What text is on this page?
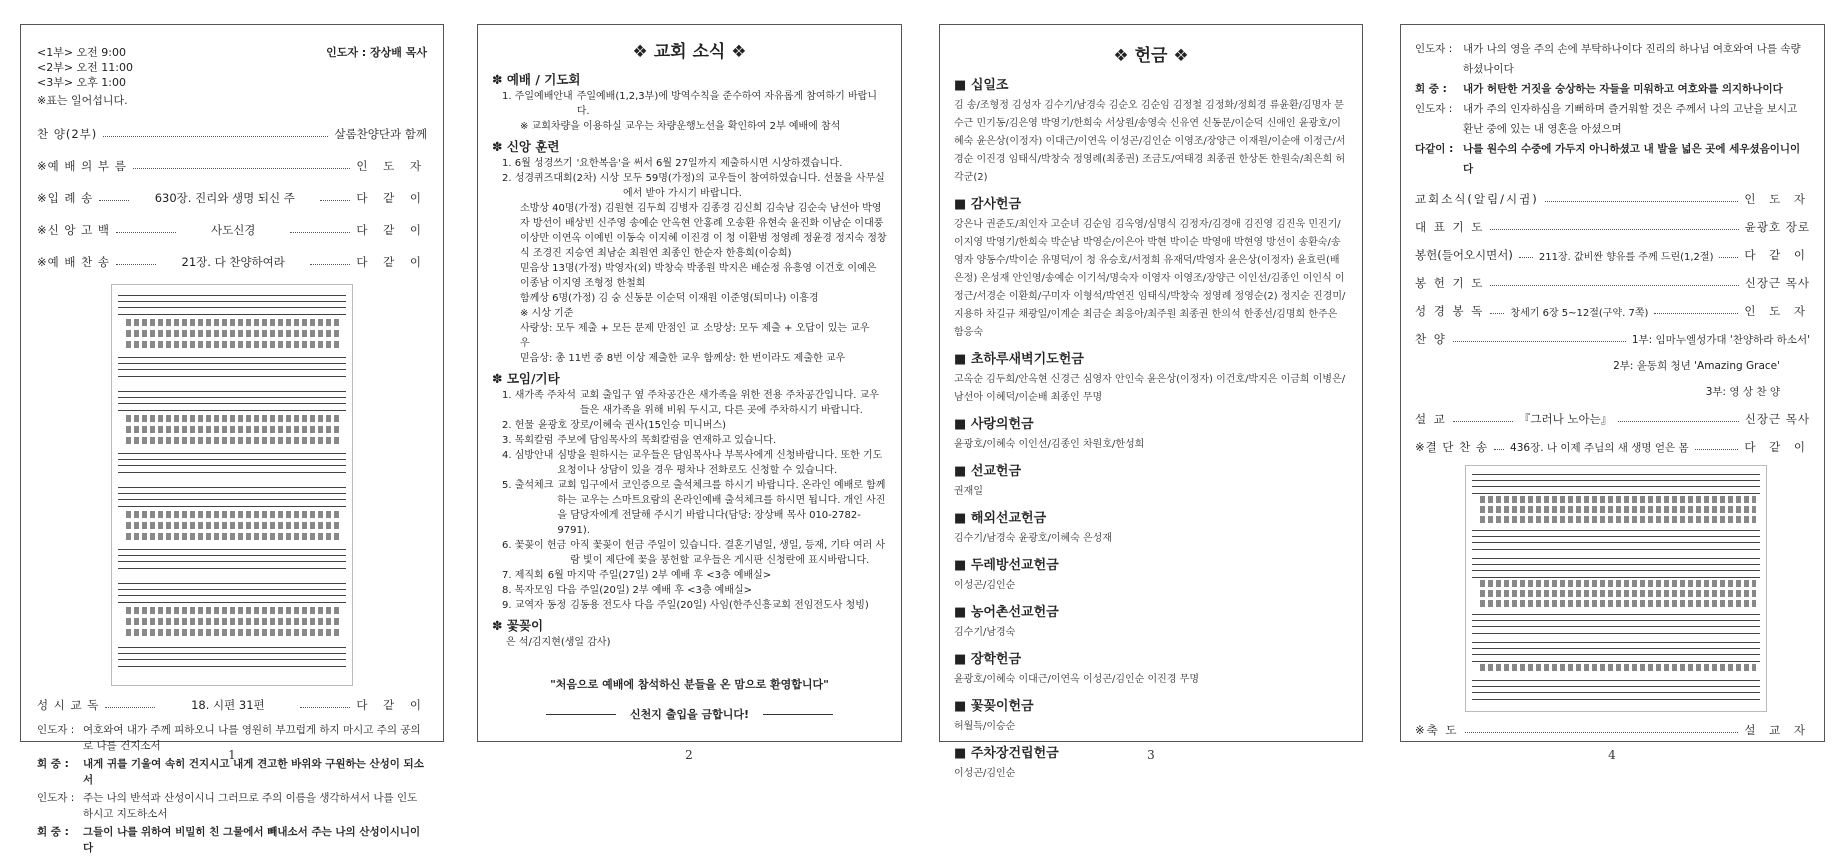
<1부> 오전 9:00	인도자 : 장상배 목사
<2부> 오전 11:00
<3부> 오후 1:00
※표는 일어섭니다.
찬 양(2부)	살롬찬양단과 함께
※예 배 의 부 름	인 도 자
※입 례 송	630장. 진리와 생명 되신 주	다 같 이
※신 앙 고 백	사도신경	다 같 이
※예 배 찬 송	21장. 다 찬양하여라	다 같 이
성 시 교 독	18. 시편 31편	다 같 이
인도자 : 여호와여 내가 주께 피하오니 나를 영원히 부끄럽게 하지 마시고 주의 공의로 나를 건지소서
회 중 :	내게 귀를 기울여 속히 건지시고 내게 견고한 바위와 구원하는 산성이 되소서
인도자 : 주는 나의 반석과 산성이시니 그러므로 주의 이름을 생각하셔서 나를 인도하시고 지도하소서
회 중 :	그들이 나를 위하여 비밀히 친 그물에서 빼내소서 주는 나의 산성이시니이다
1
❖ 교회 소식 ❖
✽ 예배 / 기도회
1. 주일예배안내 주일예배(1,2,3부)에 방역수칙을 준수하여 자유롭게 참여하기 바랍니다.
※ 교회차량을 이용하실 교우는 차량운행노선을 확인하여 2부 예배에 참석
✽ 신앙 훈련
1. 6월 성경쓰기 '요한복음'을 써서 6월 27일까지 제출하시면 시상하겠습니다.
2. 성경퀴즈대회(2차) 시상 모두 59명(가정)의 교우들이 참여하였습니다. 선물을 사무실에서 받아 가시기 바랍니다.
소방상 40명(가정) 김원현 김두희 김병자 김종경 김신희 김숙남 김순숙 남선아 박영자 방선이 배상빈 신주영 송예순 안옥현 안홍례 오송환 유현숙 윤진화 이남순 이대풍 이상만 이연옥 이예빈 이동숙 이지혜 이진경 이 청 이환범 정영례 정윤경 정지숙 정창식 조경진 지승연 최남순 최원연 최종인 한순자 한흥희(이승희)
믿음상 13명(가정) 박영자(외) 박창숙 박종원 박지은 배순정 유흥영 이건호 이예은 이종남 이지영 조형정 한철희
함께상 6명(가정) 김 숭 신동문 이순덕 이재원 이준영(퇴미나) 이흥경
※ 시상 기준
사랑상: 모두 제출 + 모든 문제 만점인 교우
소망상: 모두 제출 + 오답이 있는 교우
믿음상: 총 11번 중 8번 이상 제출한 교우 함께상: 한 번이라도 제출한 교우
✽ 모임/기타
1. 새가족 주차석 교회 출입구 옆 주차공간은 새가족을 위한 전용 주차공간입니다. 교우들은 새가족을 위해 비워 두시고, 다른 곳에 주차하시기 바랍니다.
2. 헌물 윤광호 장로/이혜숙 권사(15인승 미니버스)
3. 목회칼럼 주보에 담임목사의 목회칼럼을 연재하고 있습니다.
4. 심방안내 심방을 원하시는 교우들은 담임목사나 부목사에게 신청바랍니다. 또한 기도 요청이나 상담이 있을 경우 평차나 전화로도 신청할 수 있습니다.
5. 출석체크 교회 입구에서 코인증으로 출석체크를 하시기 바랍니다. 온라인 예배로 함께 하는 교우는 스마트요람의 온라인예배 출석체크를 하시면 됩니다. 개인 사진을 담당자에게 전달해 주시기 바랍니다(담당: 장상배 목사 010-2782-9791).
6. 꽃꽂이 헌금 아직 꽃꽂이 헌금 주일이 있습니다. 결혼기념일, 생일, 등재, 기타 여러 사람 빛이 제단에 꽃을 봉헌할 교우들은 게시판 신청란에 표시바랍니다.
7. 제직회 6월 마지막 주일(27일) 2부 예배 후 <3층 예배실>
8. 목자모임 다음 주일(20일) 2부 예배 후 <3층 예배실>
9. 교역자 동정 김동용 전도사 다음 주일(20일) 사임(한주신흥교회 전임전도사 청빙)
✽ 꽃꽂이
은 석/김지현(생일 감사)
"처음으로 예배에 참석하신 분들을 온 맘으로 환영합니다"
신천지 출입을 금합니다!
2
❖ 헌금 ❖
■ 십일조
김 송/조형정 김성자 김수기/남경숙 김순오 김순임 김정철 김정화/정희경 류윤환/김명자 문수근 민기동/김은영 박영기/한희숙 서상원/송영숙 신유연 신동문/이순덕 신애인 윤광호/이혜숙 윤은상(이정자) 이대근/이연옥 이성곤/김인순 이영조/장양근 이재원/이순애 이정근/서경순 이진경 임태식/박창숙 정영례(최종권) 조금도/여태경 최종권 한상돈 한원숙/최은희 허각군(2)
■ 감사헌금
강은나 권준도/최인자 고순녀 김순임 김옥영/심명식 김정자/김경애 김진영 김진욱 민진기/이지영 박영기/한희숙 박순남 박영순/이은아 박현 박이순 박영애 박현영 방선이 송환숙/송영자 양동수/박이순 유명덕/이 청 유승호/서정희 유재덕/박영자 윤은상(이정자) 윤효린(배은정) 은성재 안인영/송예순 이기석/명숙자 이영자 이영조/장양근 이인선/김종인 이인식 이정근/서경순 이환희/구미자 이형석/박연진 임태식/박창숙 정영례 정영순(2) 정지순 진경미/지용하 차길규 채광일/이계순 최금순 최응아/최주원 최종권 한의석 한종선/김명희 한주은 함응숙
■ 초하루새벽기도헌금
고옥순 김두희/안옥현 신경근 심영자 안인숙 윤은상(이정자) 이건호/박지은 이금희 이병은/남선아 이혜덕/이순배 최종인 무명
■ 사랑의헌금
윤광호/이혜숙 이인선/김종인 차원호/한성희
■ 선교헌금
권재일
■ 해외선교헌금
김수기/남경숙 윤광호/이혜숙 은성재
■ 두레방선교헌금
이성곤/김인순
■ 농어촌선교헌금
김수기/남경숙
■ 장학헌금
윤광호/이혜숙 이대근/이연옥 이성곤/김인순 이진경 무명
■ 꽃꽂이헌금
허월득/이승순
■ 주차장건립헌금
이성곤/김인순
3
인도자 :	내가 나의 영을 주의 손에 부탁하나이다 진리의 하나님 여호와여 나를 속량하셨나이다
회 중 :	내가 허탄한 거짓을 숭상하는 자들을 미워하고 여호와를 의지하나이다
인도자 :	내가 주의 인자하심을 기뻐하며 즐거워할 것은 주께서 나의 고난을 보시고 환난 중에 있는 내 영혼을 아셨으며
다같이 : 나를 원수의 수중에 가두지 아니하셨고 내 발을 넓은 곳에 세우셨음이니이다
교회소식(알림/시귐)	인 도 자
대 표 기 도	윤광호 장로
봉헌(들어오시면서)	211장. 값비싼 향유를 주께 드린(1,2절)	다 같 이
봉 헌 기 도	신장근 목사
성 경 봉 독	창세기 6장 5~12절(구약. 7쪽)	인 도 자
찬 양	1부: 임마누엘성가대 '찬양하라 하소서'
2부: 윤동희 청년 'Amazing Grace'
3부: 영 상 찬 양
설 교	『그러나 노아는』	신장근 목사
※결 단 찬 송 436장. 나 이제 주님의 새 생명 얻은 몸	다 같 이
※축 도	설 교 자
4
